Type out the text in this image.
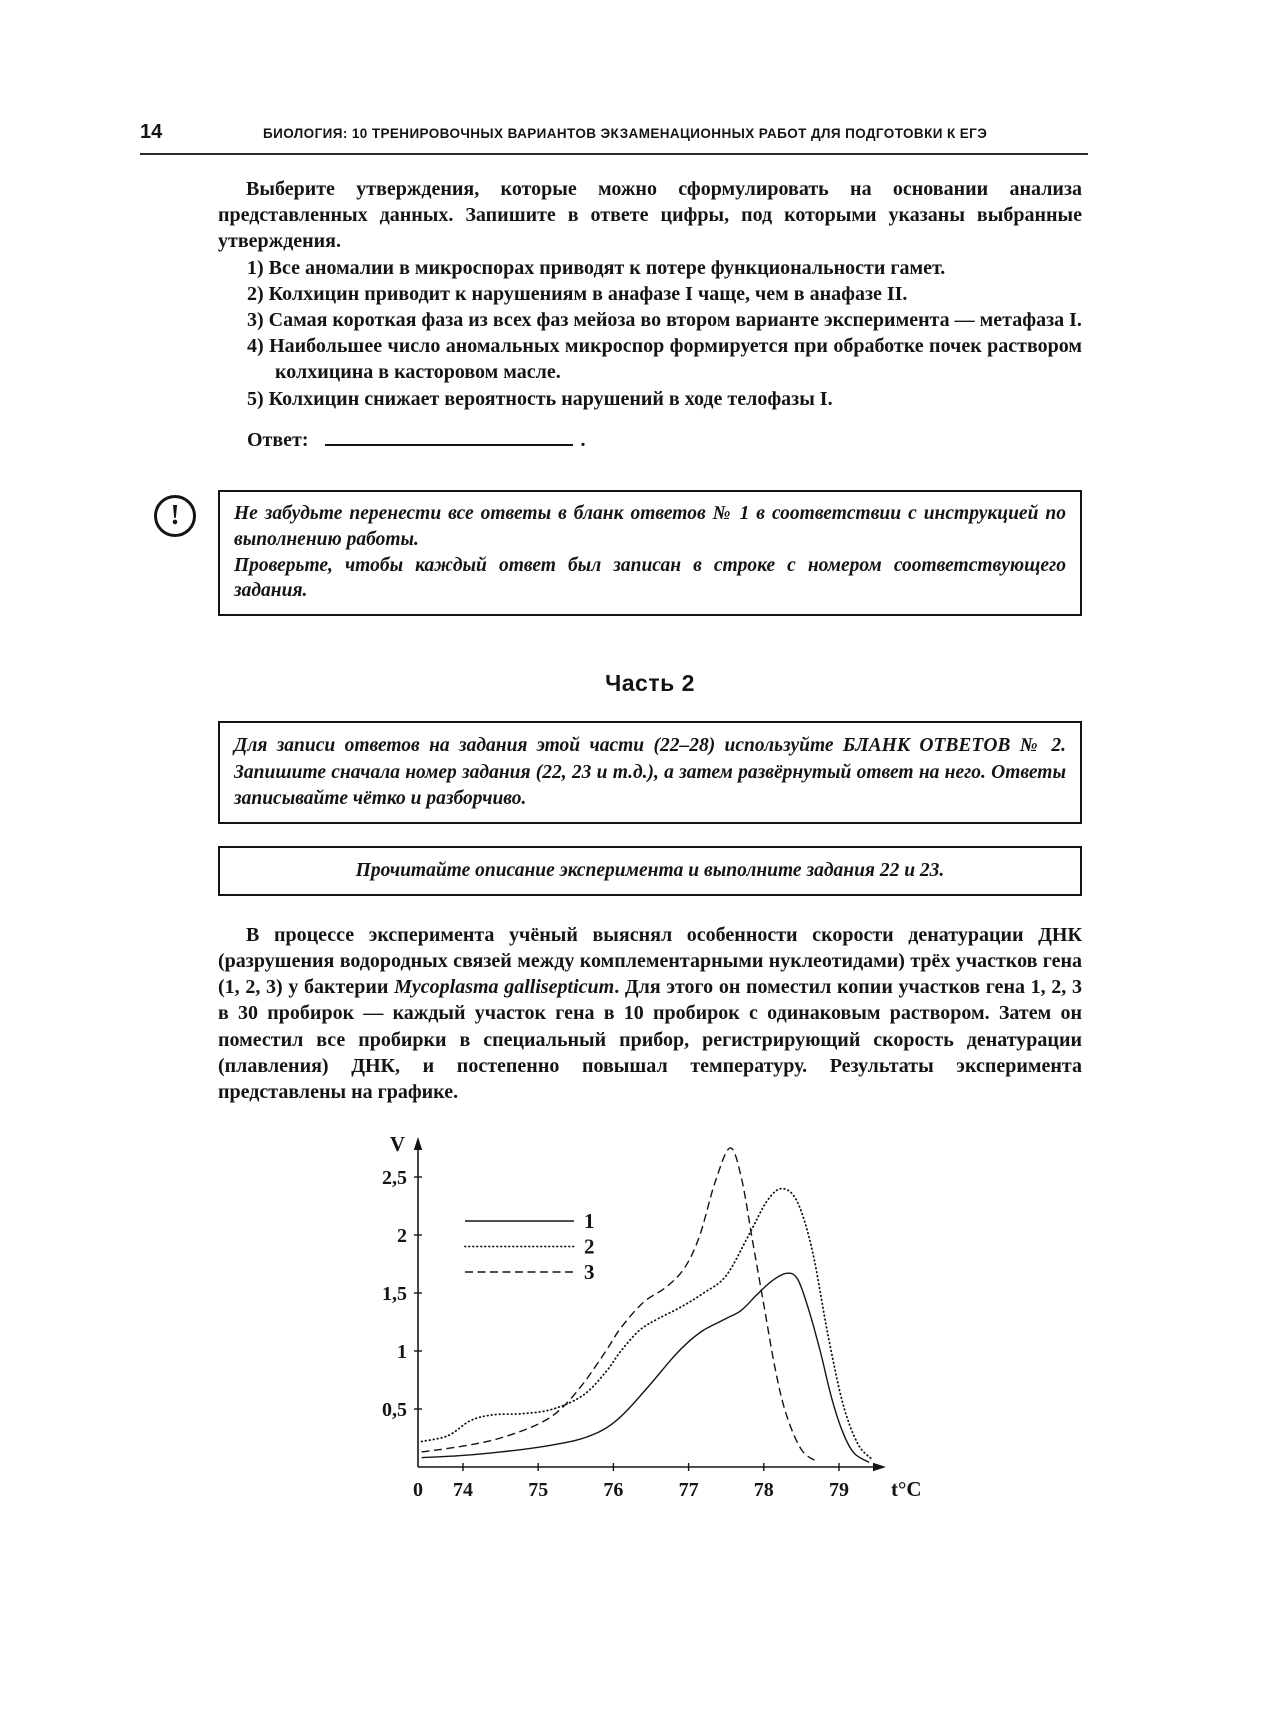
14	БИОЛОГИЯ: 10 ТРЕНИРОВОЧНЫХ ВАРИАНТОВ ЭКЗАМЕНАЦИОННЫХ РАБОТ ДЛЯ ПОДГОТОВКИ К ЕГЭ

Выберите утверждения, которые можно сформулировать на основании анализа представленных данных. Запишите в ответе цифры, под которыми указаны выбранные утверждения.

1) Все аномалии в микроспорах приводят к потере функциональности гамет.

2) Колхицин приводит к нарушениям в анафазе I чаще, чем в анафазе II.

3) Самая короткая фаза из всех фаз мейоза во втором варианте эксперимента — метафаза I.

4) Наибольшее число аномальных микроспор формируется при обработке почек раствором колхицина в касторовом масле.

5) Колхицин снижает вероятность нарушений в ходе телофазы I.

Ответ:	.
!	Не забудьте перенести все ответы в бланк ответов № 1 в соответствии с инструкцией по выполнению работы.

Проверьте, чтобы каждый ответ был записан в строке с номером соответствующего задания.

Часть 2
Для записи ответов на задания этой части (22–28) используйте БЛАНК ОТВЕТОВ № 2. Запишите сначала номер задания (22, 23 и т.д.), а затем развёрнутый ответ на него. Ответы записывайте чётко и разборчиво.
Прочитайте описание эксперимента и выполните задания 22 и 23.

В процессе эксперимента учёный выяснял особенности скорости денатурации ДНК (разрушения водородных связей между комплементарными нуклеотидами) трёх участков гена (1, 2, 3) у бактерии Mycoplasma gallisepticum. Для этого он поместил копии участков гена 1, 2, 3 в 30 пробирок — каждый участок гена в 10 пробирок с одинаковым раствором. Затем он поместил все пробирки в специальный прибор, регистрирующий скорость денатурации (плавления) ДНК, и постепенно повышал температуру. Результаты эксперимента представлены на графике.

74	75	76	77	78	79
0	t°C
0,5
1
1,5
2
2,5
V
1
2
3
